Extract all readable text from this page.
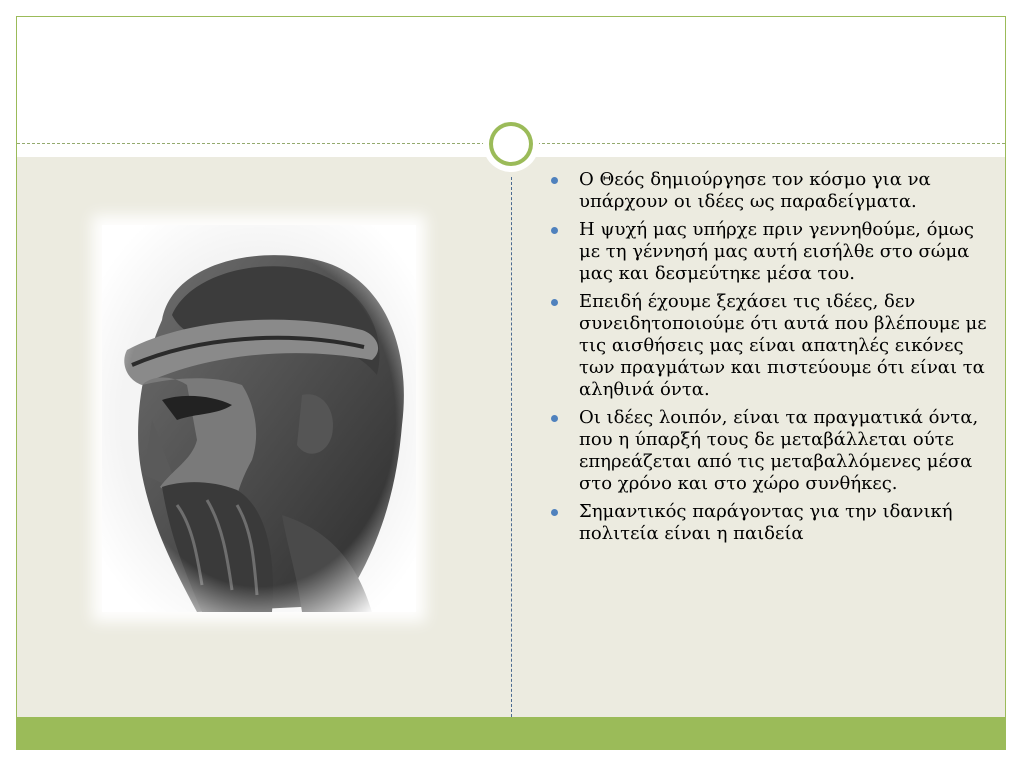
Ο Θεός δημιούργησε τον κόσμο για να υπάρχουν οι ιδέες ως παραδείγματα.
Η ψυχή μας υπήρχε πριν γεννηθούμε, όμως με τη γέννησή μας αυτή εισήλθε στο σώμα μας και δεσμεύτηκε μέσα του.
Επειδή έχουμε ξεχάσει τις ιδέες, δεν συνειδητοποιούμε ότι αυτά που βλέπουμε με τις αισθήσεις μας είναι απατηλές εικόνες των πραγμάτων και πιστεύουμε ότι είναι τα αληθινά όντα.
Οι ιδέες λοιπόν, είναι τα πραγματικά όντα, που η ύπαρξή τους δε μεταβάλλεται ούτε επηρεάζεται από τις μεταβαλλόμενες μέσα στο χρόνο και στο χώρο συνθήκες.
Σημαντικός παράγοντας για την ιδανική πολιτεία είναι η παιδεία
